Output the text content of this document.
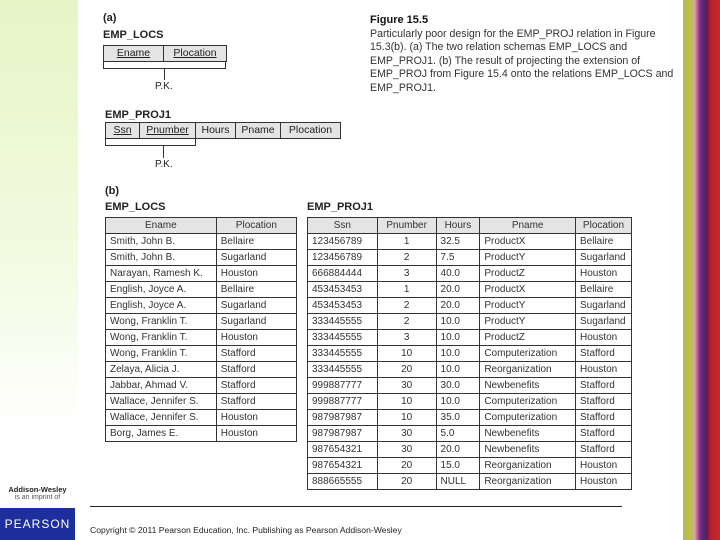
(a)
EMP_LOCS
Ename	Plocation
P.K.
EMP_PROJ1
Ssn	Pnumber	Hours	Pname	Plocation
P.K.
Figure 15.5
Particularly poor design for the EMP_PROJ relation in Figure 15.3(b). (a) The two relation schemas EMP_LOCS and EMP_PROJ1. (b) The result of projecting the extension of EMP_PROJ from Figure 15.4 onto the relations EMP_LOCS and EMP_PROJ1.
(b)
EMP_LOCS	EMP_PROJ1
Ename	Plocation
Smith, John B.	Bellaire
Smith, John B.	Sugarland
Narayan, Ramesh K.	Houston
English, Joyce A.	Bellaire
English, Joyce A.	Sugarland
Wong, Franklin T.	Sugarland
Wong, Franklin T.	Houston
Wong, Franklin T.	Stafford
Zelaya, Alicia J.	Stafford
Jabbar, Ahmad V.	Stafford
Wallace, Jennifer S.	Stafford
Wallace, Jennifer S.	Houston
Borg, James E.	Houston
Ssn	Pnumber	Hours	Pname	Plocation
123456789	1	32.5	ProductX	Bellaire
123456789	2	7.5	ProductY	Sugarland
666884444	3	40.0	ProductZ	Houston
453453453	1	20.0	ProductX	Bellaire
453453453	2	20.0	ProductY	Sugarland
333445555	2	10.0	ProductY	Sugarland
333445555	3	10.0	ProductZ	Houston
333445555	10	10.0	Computerization	Stafford
333445555	20	10.0	Reorganization	Houston
999887777	30	30.0	Newbenefits	Stafford
999887777	10	10.0	Computerization	Stafford
987987987	10	35.0	Computerization	Stafford
987987987	30	5.0	Newbenefits	Stafford
987654321	30	20.0	Newbenefits	Stafford
987654321	20	15.0	Reorganization	Houston
888665555	20	NULL	Reorganization	Houston
Copyright © 2011 Pearson Education, Inc. Publishing as Pearson Addison-Wesley
Addison-Wesley
is an imprint of
PEARSON
